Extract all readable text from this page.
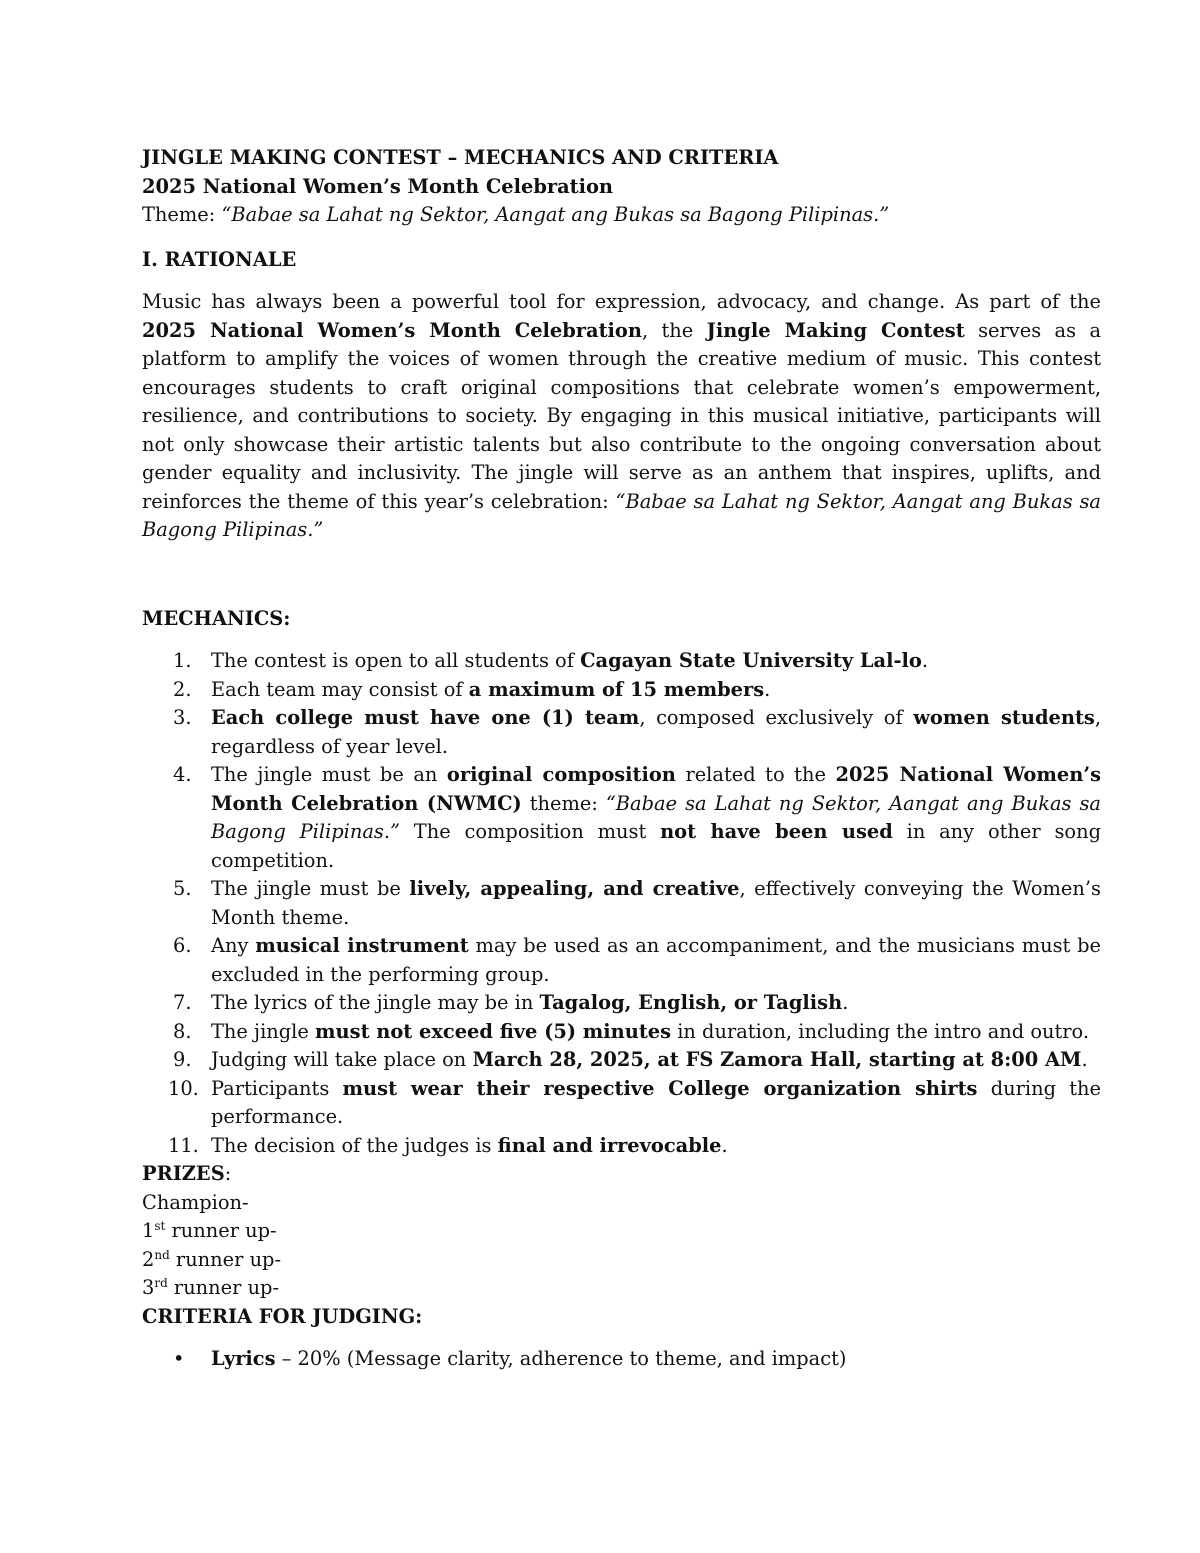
JINGLE MAKING CONTEST – MECHANICS AND CRITERIA

2025 National Women’s Month Celebration

Theme: “Babae sa Lahat ng Sektor, Aangat ang Bukas sa Bagong Pilipinas.”

I. RATIONALE

Music has always been a powerful tool for expression, advocacy, and change. As part of the 2025 National Women’s Month Celebration, the Jingle Making Contest serves as a platform to amplify the voices of women through the creative medium of music. This contest encourages students to craft original compositions that celebrate women’s empowerment, resilience, and contributions to society. By engaging in this musical initiative, participants will not only showcase their artistic talents but also contribute to the ongoing conversation about gender equality and inclusivity. The jingle will serve as an anthem that inspires, uplifts, and reinforces the theme of this year’s celebration: “Babae sa Lahat ng Sektor, Aangat ang Bukas sa Bagong Pilipinas.”

MECHANICS:

1.	The contest is open to all students of Cagayan State University Lal-lo.
2.	Each team may consist of a maximum of 15 members.
3.	Each college must have one (1) team, composed exclusively of women students, regardless of year level.
4.	The jingle must be an original composition related to the 2025 National Women’s Month Celebration (NWMC) theme: “Babae sa Lahat ng Sektor, Aangat ang Bukas sa Bagong Pilipinas.” The composition must not have been used in any other song competition.
5.	The jingle must be lively, appealing, and creative, effectively conveying the Women’s Month theme.
6.	Any musical instrument may be used as an accompaniment, and the musicians must be excluded in the performing group.
7.	The lyrics of the jingle may be in Tagalog, English, or Taglish.
8.	The jingle must not exceed five (5) minutes in duration, including the intro and outro.
9.	Judging will take place on March 28, 2025, at FS Zamora Hall, starting at 8:00 AM.
10. Participants must wear their respective College organization shirts during the performance.
11. The decision of the judges is final and irrevocable.

PRIZES:

Champion-

1st runner up-

2nd runner up-

3rd runner up-

CRITERIA FOR JUDGING:

• Lyrics – 20% (Message clarity, adherence to theme, and impact)
